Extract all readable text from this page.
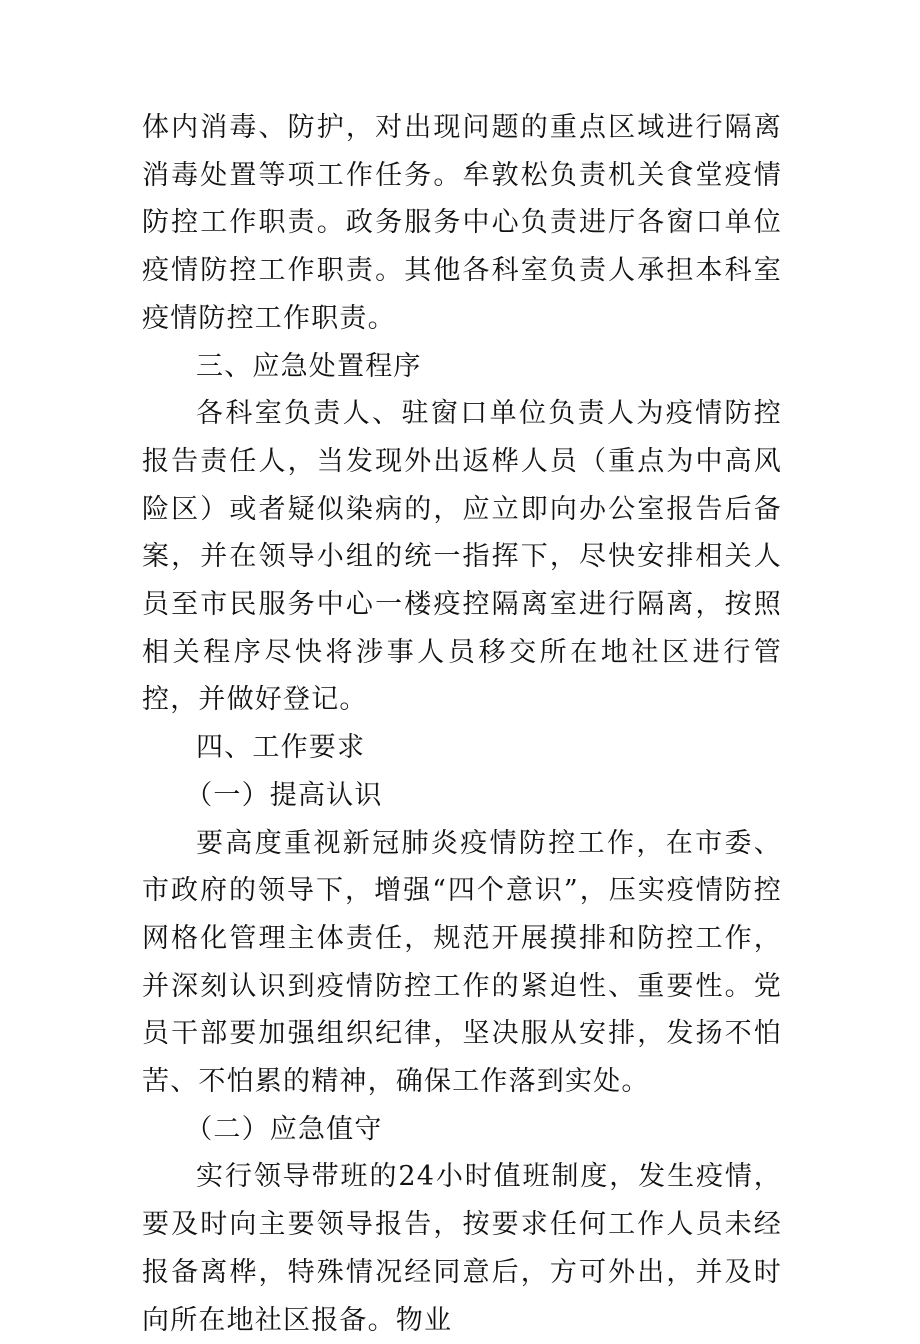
体内消毒、防护，对出现问题的重点区域进行隔离消毒处置等项工作任务。牟敦松负责机关食堂疫情防控工作职责。政务服务中心负责进厅各窗口单位疫情防控工作职责。其他各科室负责人承担本科室疫情防控工作职责。

三、应急处置程序

各科室负责人、驻窗口单位负责人为疫情防控报告责任人，当发现外出返桦人员（重点为中高风险区）或者疑似染病的，应立即向办公室报告后备案，并在领导小组的统一指挥下，尽快安排相关人员至市民服务中心一楼疫控隔离室进行隔离，按照相关程序尽快将涉事人员移交所在地社区进行管控，并做好登记。

四、工作要求

（一）提高认识

要高度重视新冠肺炎疫情防控工作，在市委、市政府的领导下，增强“四个意识”，压实疫情防控网格化管理主体责任，规范开展摸排和防控工作，并深刻认识到疫情防控工作的紧迫性、重要性。党员干部要加强组织纪律，坚决服从安排，发扬不怕苦、不怕累的精神，确保工作落到实处。

（二）应急值守

实行领导带班的24小时值班制度，发生疫情，要及时向主要领导报告，按要求任何工作人员未经报备离桦，特殊情况经同意后，方可外出，并及时向所在地社区报备。物业
